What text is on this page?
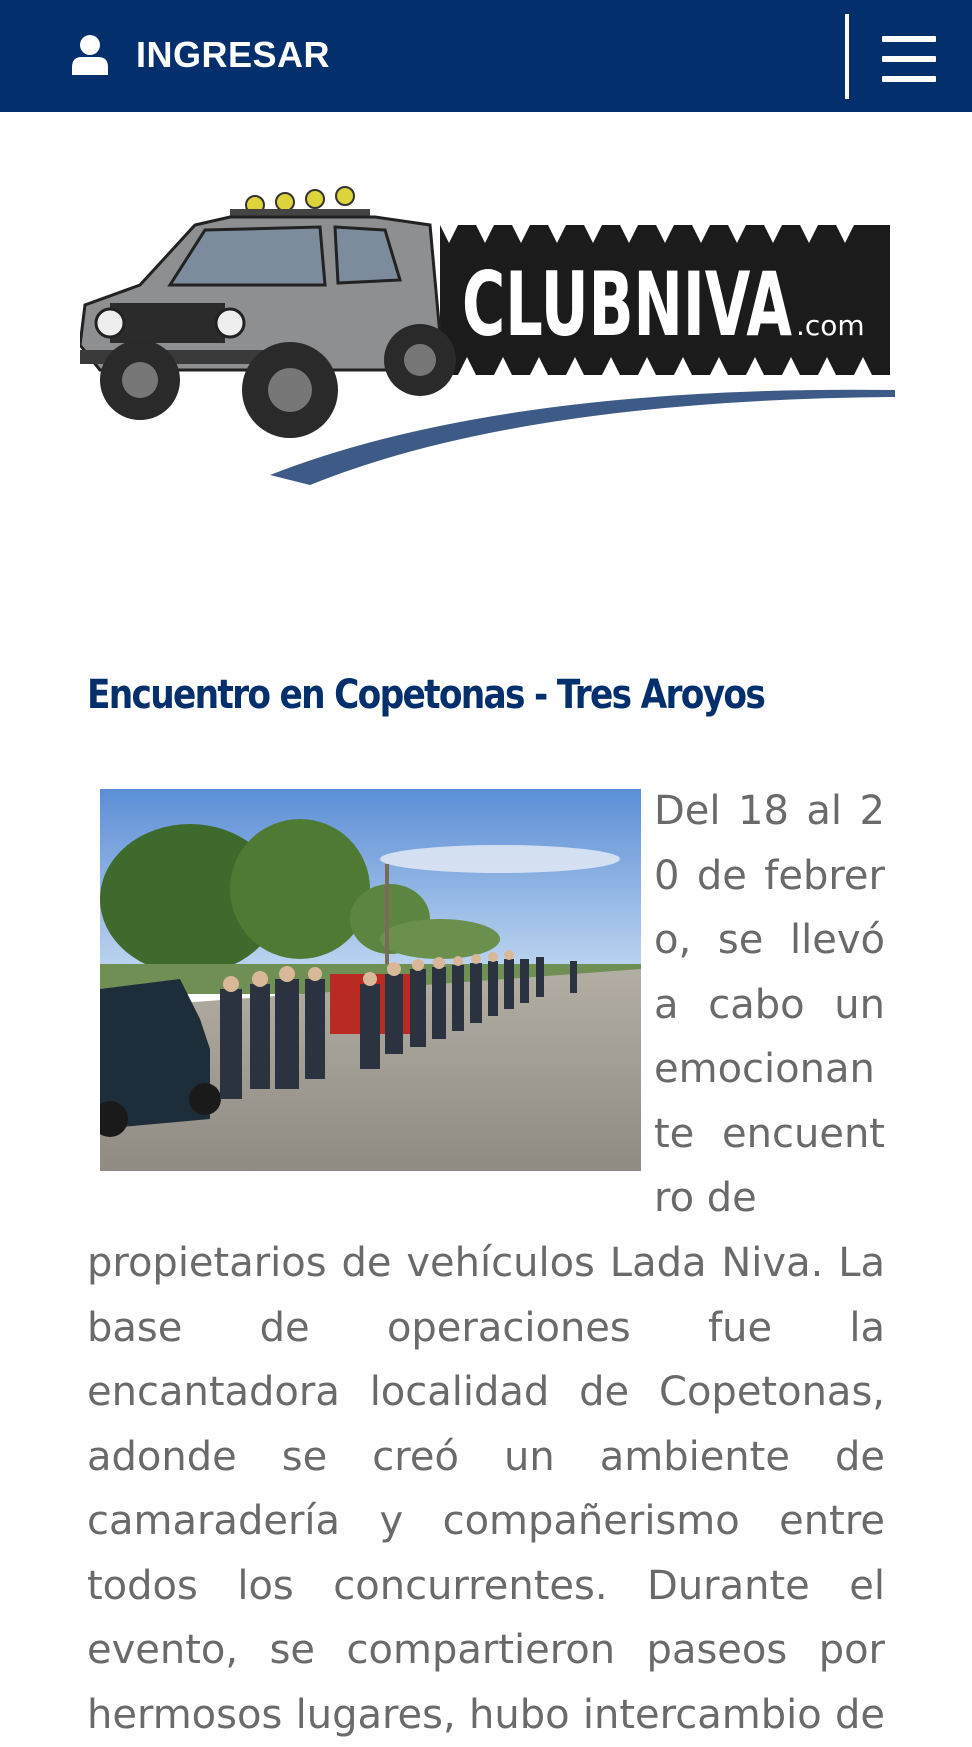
INGRESAR
CLUBNIVA .com
Encuentro en Copetonas - Tres Aroyos

Del 18 al 20 de febrero, se llevó a cabo un emocionante encuentro de

propietarios de vehículos Lada Niva. La base de operaciones fue la encantadora localidad de Copetonas, adonde se creó un ambiente de camaradería y compañerismo entre todos los concurrentes. Durante el evento, se compartieron paseos por hermosos lugares, hubo intercambio de
